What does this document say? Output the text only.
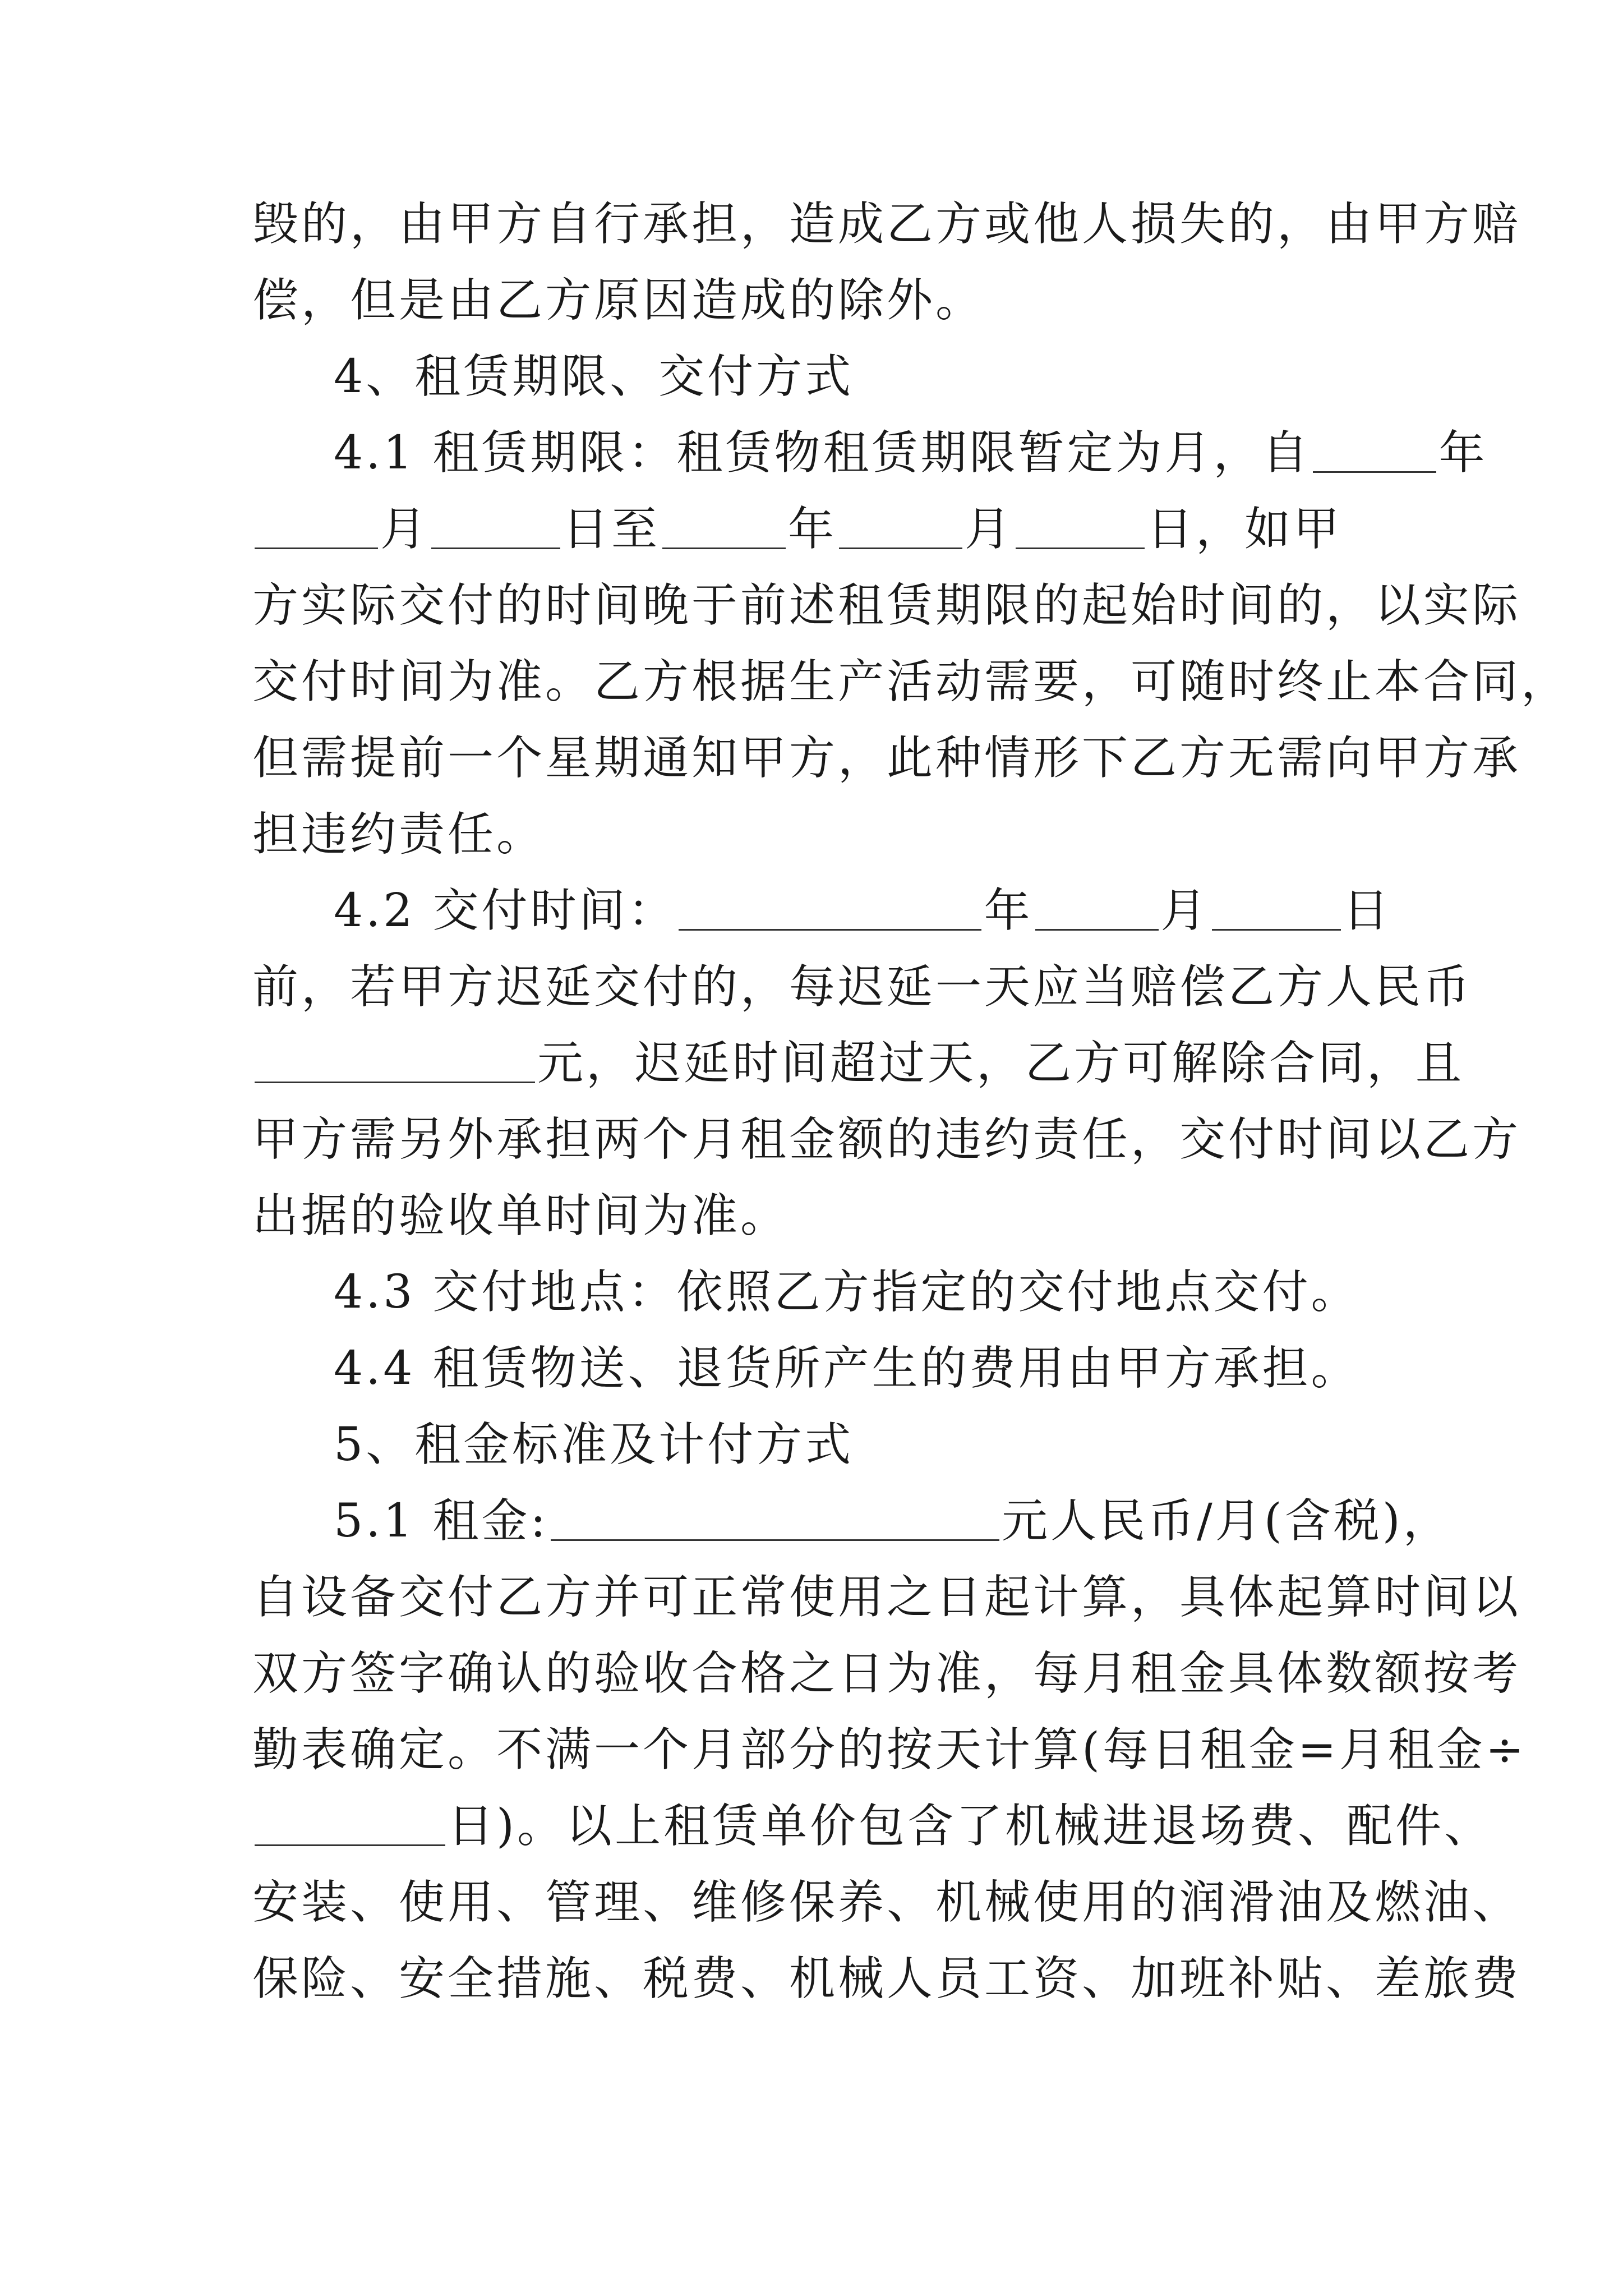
毁的，由甲方自行承担，造成乙方或他人损失的，由甲方赔
偿，但是由乙方原因造成的除外。
4、租赁期限、交付方式
4.1 租赁期限：租赁物租赁期限暂定为月，自	年
月	日至	年	月	日，如甲
方实际交付的时间晚于前述租赁期限的起始时间的，以实际
交付时间为准。乙方根据生产活动需要，可随时终止本合同，
但需提前一个星期通知甲方，此种情形下乙方无需向甲方承
担违约责任。
4.2 交付时间：	年	月	日
前，若甲方迟延交付的，每迟延一天应当赔偿乙方人民币
元，迟延时间超过天，乙方可解除合同，且
甲方需另外承担两个月租金额的违约责任，交付时间以乙方
出据的验收单时间为准。
4.3 交付地点：依照乙方指定的交付地点交付。
4.4 租赁物送、退货所产生的费用由甲方承担。
5、租金标准及计付方式
5.1 租金:	元人民币/月(含税)，
自设备交付乙方并可正常使用之日起计算，具体起算时间以
双方签字确认的验收合格之日为准，每月租金具体数额按考
勤表确定。不满一个月部分的按天计算(每日租金=月租金÷
日)。以上租赁单价包含了机械进退场费、配件、
安装、使用、管理、维修保养、机械使用的润滑油及燃油、
保险、安全措施、税费、机械人员工资、加班补贴、差旅费
